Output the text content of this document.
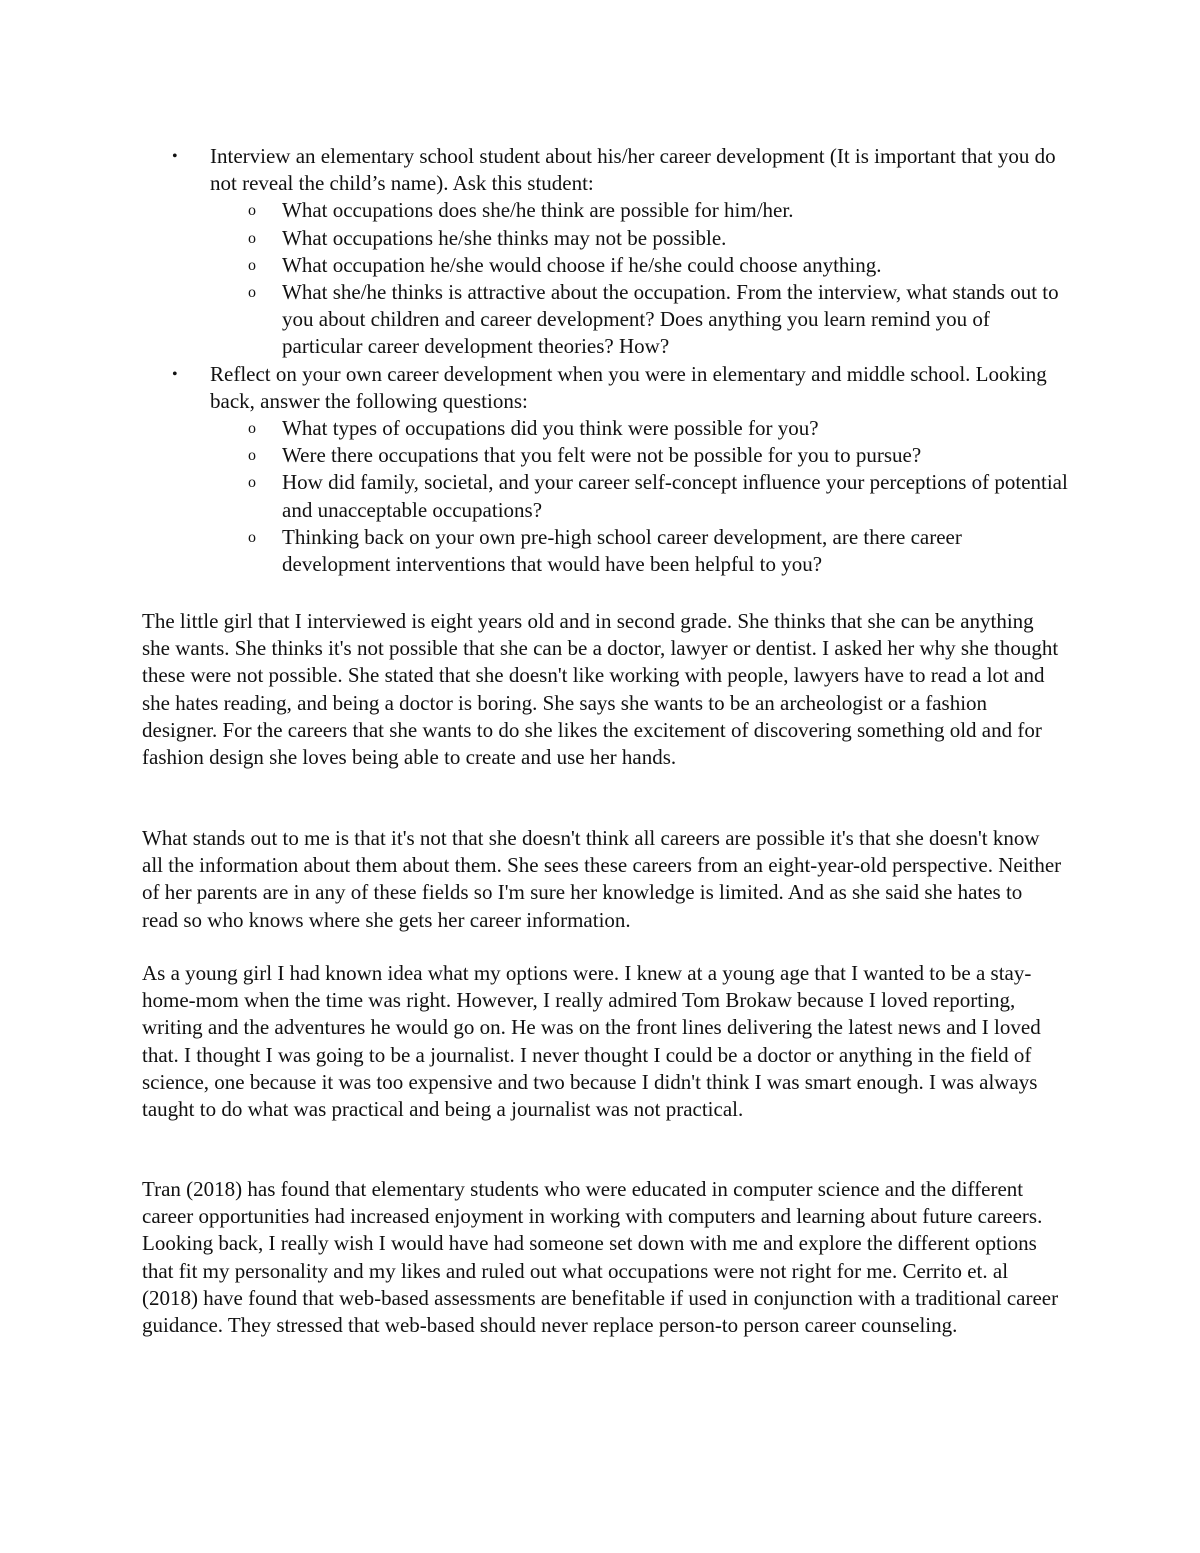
•	Interview an elementary school student about his/her career development (It is important that you do not reveal the child’s name). Ask this student:
o What occupations does she/he think are possible for him/her.
o What occupations he/she thinks may not be possible.
o What occupation he/she would choose if he/she could choose anything.
o What she/he thinks is attractive about the occupation. From the interview, what stands out to you about children and career development? Does anything you learn remind you of particular career development theories? How?
•	Reflect on your own career development when you were in elementary and middle school. Looking back, answer the following questions:
o What types of occupations did you think were possible for you?
o Were there occupations that you felt were not be possible for you to pursue?
o How did family, societal, and your career self-concept influence your perceptions of potential and unacceptable occupations?
o Thinking back on your own pre-high school career development, are there career development interventions that would have been helpful to you?

The little girl that I interviewed is eight years old and in second grade. She thinks that she can be anything she wants. She thinks it's not possible that she can be a doctor, lawyer or dentist. I asked her why she thought these were not possible. She stated that she doesn't like working with people, lawyers have to read a lot and she hates reading, and being a doctor is boring. She says she wants to be an archeologist or a fashion designer. For the careers that she wants to do she likes the excitement of discovering something old and for fashion design she loves being able to create and use her hands.

What stands out to me is that it's not that she doesn't think all careers are possible it's that she doesn't know all the information about them about them. She sees these careers from an eight-year-old perspective. Neither of her parents are in any of these fields so I'm sure her knowledge is limited. And as she said she hates to read so who knows where she gets her career information.

As a young girl I had known idea what my options were. I knew at a young age that I wanted to be a stay-home-mom when the time was right. However, I really admired Tom Brokaw because I loved reporting, writing and the adventures he would go on. He was on the front lines delivering the latest news and I loved that. I thought I was going to be a journalist. I never thought I could be a doctor or anything in the field of science, one because it was too expensive and two because I didn't think I was smart enough. I was always taught to do what was practical and being a journalist was not practical.

Tran (2018) has found that elementary students who were educated in computer science and the different career opportunities had increased enjoyment in working with computers and learning about future careers. Looking back, I really wish I would have had someone set down with me and explore the different options that fit my personality and my likes and ruled out what occupations were not right for me. Cerrito et. al (2018) have found that web-based assessments are benefitable if used in conjunction with a traditional career guidance. They stressed that web-based should never replace person-to person career counseling.
